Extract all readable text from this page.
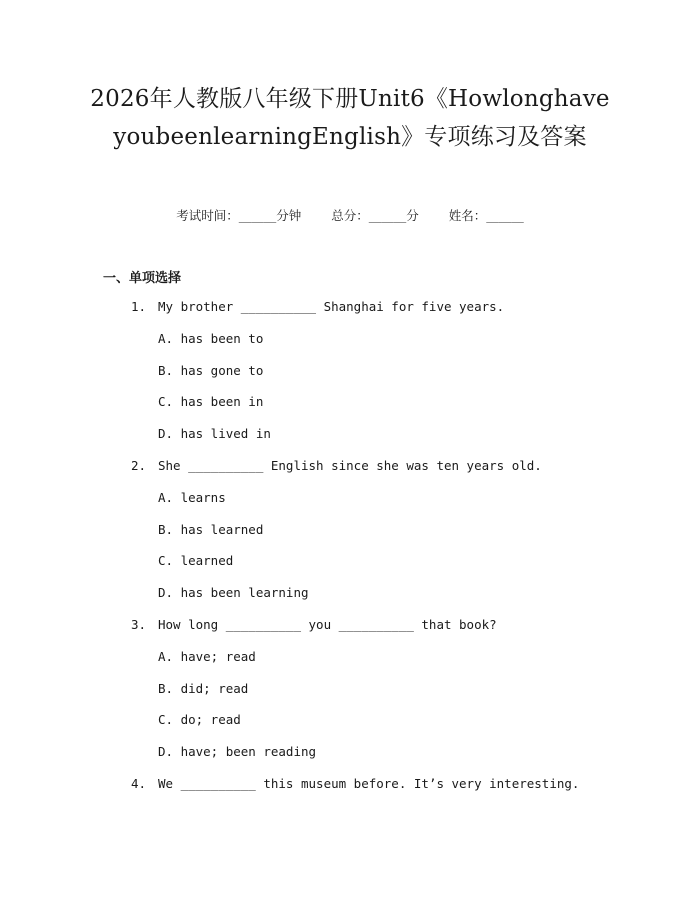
2026年人教版八年级下册Unit6《HowlonghaveyoubeenlearningEnglish》专项练习及答案
考试时间：______分钟 总分：______分 姓名：______
一、单项选择

1.

My brother __________ Shanghai for five years.

A. has been to
B. has gone to
C. has been in
D. has lived in

2.

She __________ English since she was ten years old.

A. learns
B. has learned
C. learned
D. has been learning

3.

How long __________ you __________ that book?

A. have; read
B. did; read
C. do; read
D. have; been reading

4.

We __________ this museum before. It’s very interesting.
